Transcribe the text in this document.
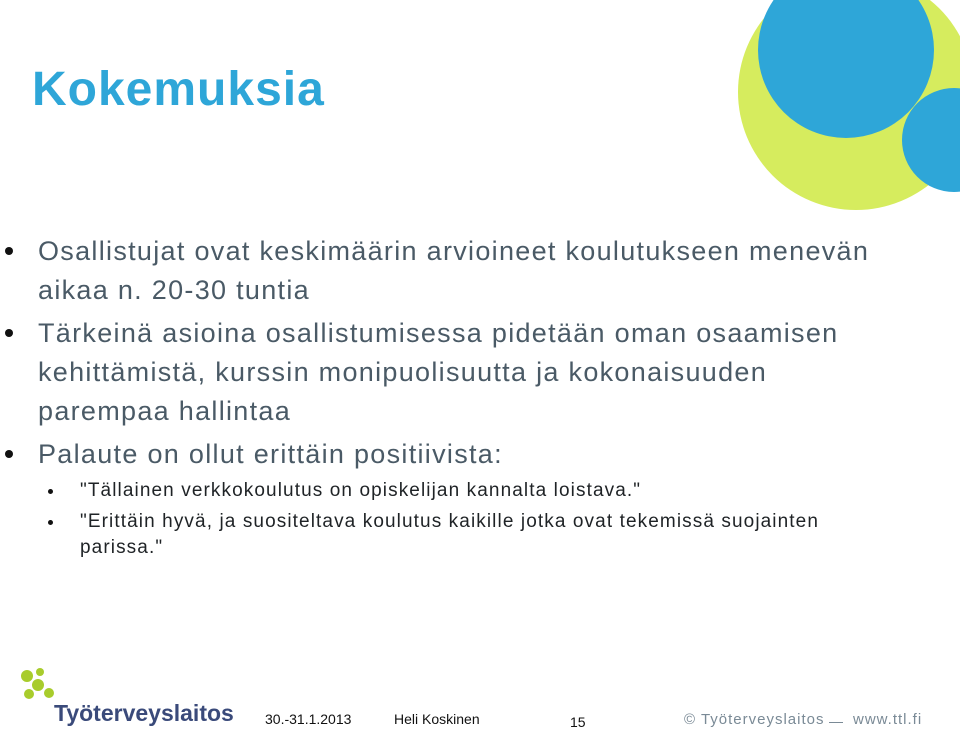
Kokemuksia
Osallistujat ovat keskimäärin arvioineet koulutukseen menevän aikaa n. 20-30 tuntia
Tärkeinä asioina osallistumisessa pidetään oman osaamisen kehittämistä, kurssin monipuolisuutta ja kokonaisuuden parempaa hallintaa
Palaute on ollut erittäin positiivista:
"Tällainen verkkokoulutus on opiskelijan kannalta loistava."
"Erittäin hyvä, ja suositeltava koulutus kaikille jotka ovat tekemissä suojainten parissa."
Työterveyslaitos 30.-31.1.2013	Heli Koskinen	15	© Työterveyslaitos www.ttl.fi
